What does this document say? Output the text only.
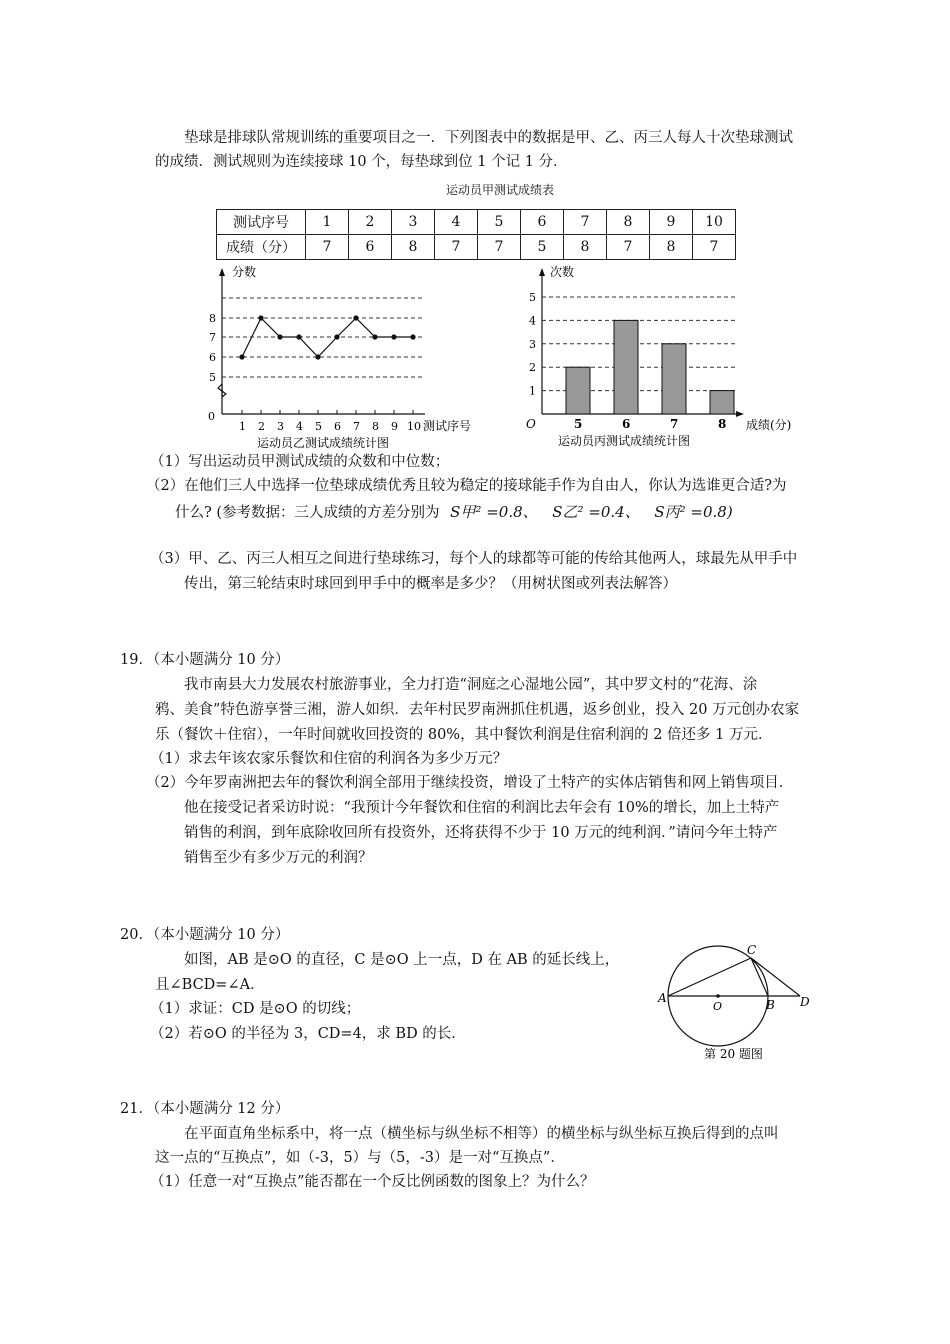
垫球是排球队常规训练的重要项目之一．下列图表中的数据是甲、乙、丙三人每人十次垫球测试
的成绩．测试规则为连续接球 10 个，每垫球到位 1 个记 1 分．
运动员甲测试成绩表
测试序号	1	2	3	4	5	6	7	8	9	10
成绩（分）	7	6	8	7	7	5	8	7	8	7
分数
测试序号
运动员乙测试成绩统计图
0
5
6
7
8
1 2 3 4 5 6 7 8 9 10
次数
成绩(分)
运动员丙测试成绩统计图
O
1
2
3
4
5
5	6	7	8
（1）写出运动员甲测试成绩的众数和中位数；
（2）在他们三人中选择一位垫球成绩优秀且较为稳定的接球能手作为自由人，你认为选谁更合适?为
什么? (参考数据：三人成绩的方差分别为 S甲² =0.8、 S乙² =0.4、 S丙² =0.8)
（3）甲、乙、丙三人相互之间进行垫球练习，每个人的球都等可能的传给其他两人，球最先从甲手中
传出，第三轮结束时球回到甲手中的概率是多少？（用树状图或列表法解答）
19．（本小题满分 10 分）
我市南县大力发展农村旅游事业，全力打造“洞庭之心湿地公园”，其中罗文村的“花海、涂
鸦、美食”特色游享誉三湘，游人如织．去年村民罗南洲抓住机遇，返乡创业，投入 20 万元创办农家
乐（餐饮＋住宿），一年时间就收回投资的 80%，其中餐饮利润是住宿利润的 2 倍还多 1 万元．
（1）求去年该农家乐餐饮和住宿的利润各为多少万元？
（2）今年罗南洲把去年的餐饮利润全部用于继续投资，增设了土特产的实体店销售和网上销售项目．
他在接受记者采访时说：“我预计今年餐饮和住宿的利润比去年会有 10%的增长，加上土特产
销售的利润，到年底除收回所有投资外，还将获得不少于 10 万元的纯利润．”请问今年土特产
销售至少有多少万元的利润？
20．（本小题满分 10 分）
如图，AB 是⊙O 的直径，C 是⊙O 上一点，D 在 AB 的延长线上，
且∠BCD=∠A．
（1）求证：CD 是⊙O 的切线；
（2）若⊙O 的半径为 3，CD=4，求 BD 的长．
A
O	B
C
D
第 20 题图
21．（本小题满分 12 分）
在平面直角坐标系中，将一点（横坐标与纵坐标不相等）的横坐标与纵坐标互换后得到的点叫
这一点的“互换点”，如（-3，5）与（5，-3）是一对“互换点”．
（1）任意一对“互换点”能否都在一个反比例函数的图象上？为什么？
